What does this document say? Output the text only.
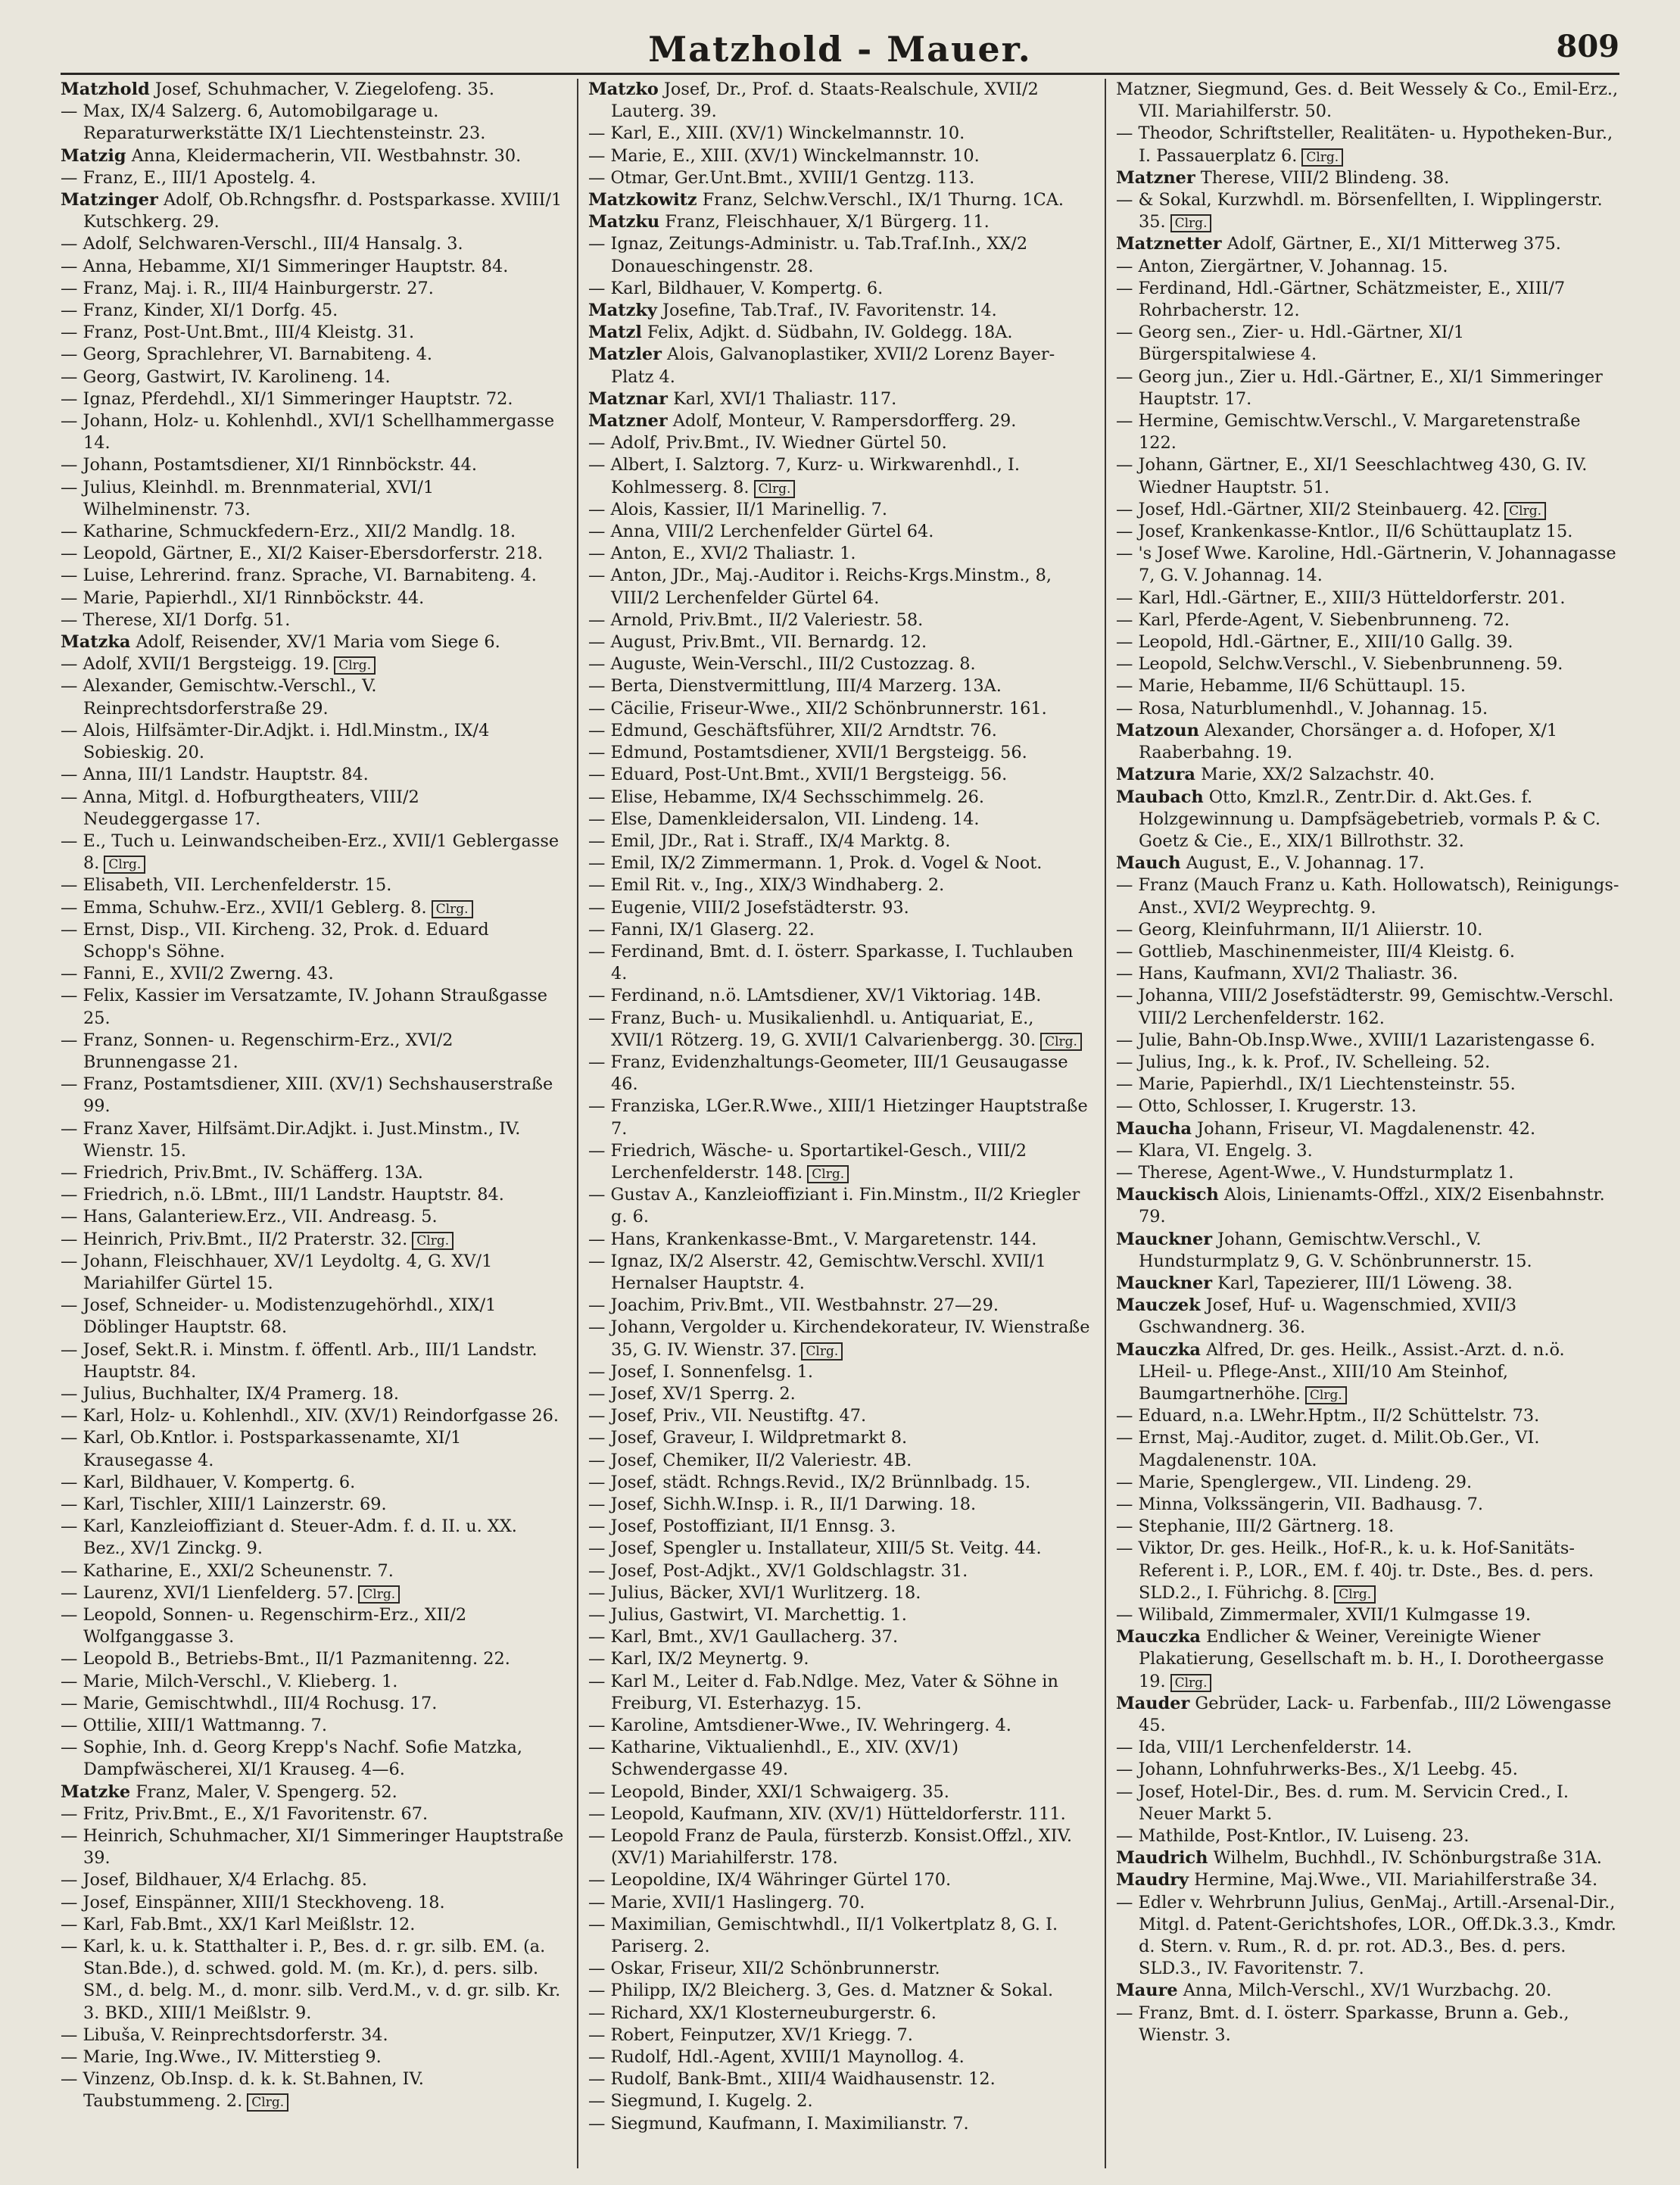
Matzhold - Mauer.	809

Matzhold Josef, Schuhmacher, V. Ziegelofeng. 35.

— Max, IX/4 Salzerg. 6, Automobilgarage u. Reparaturwerkstätte IX/1 Liechtensteinstr. 23.

Matzig Anna, Kleidermacherin, VII. Westbahnstr. 30.

— Franz, E., III/1 Apostelg. 4.

Matzinger Adolf, Ob.Rchngsfhr. d. Postsparkasse. XVIII/1 Kutschkerg. 29.

— Adolf, Selchwaren-Verschl., III/4 Hansalg. 3.

— Anna, Hebamme, XI/1 Simmeringer Hauptstr. 84.

— Franz, Maj. i. R., III/4 Hainburgerstr. 27.

— Franz, Kinder, XI/1 Dorfg. 45.

— Franz, Post-Unt.Bmt., III/4 Kleistg. 31.

— Georg, Sprachlehrer, VI. Barnabiteng. 4.

— Georg, Gastwirt, IV. Karolineng. 14.

— Ignaz, Pferdehdl., XI/1 Simmeringer Hauptstr. 72.

— Johann, Holz- u. Kohlenhdl., XVI/1 Schellhammergasse 14.

— Johann, Postamtsdiener, XI/1 Rinnböckstr. 44.

— Julius, Kleinhdl. m. Brennmaterial, XVI/1 Wilhelminenstr. 73.

— Katharine, Schmuckfedern-Erz., XII/2 Mandlg. 18.

— Leopold, Gärtner, E., XI/2 Kaiser-Ebersdorferstr. 218.

— Luise, Lehrerind. franz. Sprache, VI. Barnabiteng. 4.

— Marie, Papierhdl., XI/1 Rinnböckstr. 44.

— Therese, XI/1 Dorfg. 51.

Matzka Adolf, Reisender, XV/1 Maria vom Siege 6.

— Adolf, XVII/1 Bergsteigg. 19. Clrg.

— Alexander, Gemischtw.-Verschl., V. Reinprechtsdorferstraße 29.

— Alois, Hilfsämter-Dir.Adjkt. i. Hdl.Minstm., IX/4 Sobieskig. 20.

— Anna, III/1 Landstr. Hauptstr. 84.

— Anna, Mitgl. d. Hofburgtheaters, VIII/2 Neudeggergasse 17.

— E., Tuch u. Leinwandscheiben-Erz., XVII/1 Geblergasse 8. Clrg.

— Elisabeth, VII. Lerchenfelderstr. 15.

— Emma, Schuhw.-Erz., XVII/1 Geblerg. 8. Clrg.

— Ernst, Disp., VII. Kircheng. 32, Prok. d. Eduard Schopp's Söhne.

— Fanni, E., XVII/2 Zwerng. 43.

— Felix, Kassier im Versatzamte, IV. Johann Straußgasse 25.

— Franz, Sonnen- u. Regenschirm-Erz., XVI/2 Brunnengasse 21.

— Franz, Postamtsdiener, XIII. (XV/1) Sechshauserstraße 99.

— Franz Xaver, Hilfsämt.Dir.Adjkt. i. Just.Minstm., IV. Wienstr. 15.

— Friedrich, Priv.Bmt., IV. Schäfferg. 13A.

— Friedrich, n.ö. LBmt., III/1 Landstr. Hauptstr. 84.

— Hans, Galanteriew.Erz., VII. Andreasg. 5.

— Heinrich, Priv.Bmt., II/2 Praterstr. 32. Clrg.

— Johann, Fleischhauer, XV/1 Leydoltg. 4, G. XV/1 Mariahilfer Gürtel 15.

— Josef, Schneider- u. Modistenzugehörhdl., XIX/1 Döblinger Hauptstr. 68.

— Josef, Sekt.R. i. Minstm. f. öffentl. Arb., III/1 Landstr. Hauptstr. 84.

— Julius, Buchhalter, IX/4 Pramerg. 18.

— Karl, Holz- u. Kohlenhdl., XIV. (XV/1) Reindorfgasse 26.

— Karl, Ob.Kntlor. i. Postsparkassenamte, XI/1 Krausegasse 4.

— Karl, Bildhauer, V. Kompertg. 6.

— Karl, Tischler, XIII/1 Lainzerstr. 69.

— Karl, Kanzleioffiziant d. Steuer-Adm. f. d. II. u. XX. Bez., XV/1 Zinckg. 9.

— Katharine, E., XXI/2 Scheunenstr. 7.

— Laurenz, XVI/1 Lienfelderg. 57. Clrg.

— Leopold, Sonnen- u. Regenschirm-Erz., XII/2 Wolfganggasse 3.

— Leopold B., Betriebs-Bmt., II/1 Pazmanitenng. 22.

— Marie, Milch-Verschl., V. Klieberg. 1.

— Marie, Gemischtwhdl., III/4 Rochusg. 17.

— Ottilie, XIII/1 Wattmanng. 7.

— Sophie, Inh. d. Georg Krepp's Nachf. Sofie Matzka, Dampfwäscherei, XI/1 Krauseg. 4—6.

Matzke Franz, Maler, V. Spengerg. 52.

— Fritz, Priv.Bmt., E., X/1 Favoritenstr. 67.

— Heinrich, Schuhmacher, XI/1 Simmeringer Hauptstraße 39.

— Josef, Bildhauer, X/4 Erlachg. 85.

— Josef, Einspänner, XIII/1 Steckhoveng. 18.

— Karl, Fab.Bmt., XX/1 Karl Meißlstr. 12.

— Karl, k. u. k. Statthalter i. P., Bes. d. r. gr. silb. EM. (a. Stan.Bde.), d. schwed. gold. M. (m. Kr.), d. pers. silb. SM., d. belg. M., d. monr. silb. Verd.M., v. d. gr. silb. Kr. 3. BKD., XIII/1 Meißlstr. 9.

— Libuša, V. Reinprechtsdorferstr. 34.

— Marie, Ing.Wwe., IV. Mitterstieg 9.

— Vinzenz, Ob.Insp. d. k. k. St.Bahnen, IV. Taubstummeng. 2. Clrg.

Matzko Josef, Dr., Prof. d. Staats-Realschule, XVII/2 Lauterg. 39.

— Karl, E., XIII. (XV/1) Winckelmannstr. 10.

— Marie, E., XIII. (XV/1) Winckelmannstr. 10.

— Otmar, Ger.Unt.Bmt., XVIII/1 Gentzg. 113.

Matzkowitz Franz, Selchw.Verschl., IX/1 Thurng. 1CA.

Matzku Franz, Fleischhauer, X/1 Bürgerg. 11.

— Ignaz, Zeitungs-Administr. u. Tab.Traf.Inh., XX/2 Donaueschingenstr. 28.

— Karl, Bildhauer, V. Kompertg. 6.

Matzky Josefine, Tab.Traf., IV. Favoritenstr. 14.

Matzl Felix, Adjkt. d. Südbahn, IV. Goldegg. 18A.

Matzler Alois, Galvanoplastiker, XVII/2 Lorenz Bayer-Platz 4.

Matznar Karl, XVI/1 Thaliastr. 117.

Matzner Adolf, Monteur, V. Rampersdorfferg. 29.

— Adolf, Priv.Bmt., IV. Wiedner Gürtel 50.

— Albert, I. Salztorg. 7, Kurz- u. Wirkwarenhdl., I. Kohlmesserg. 8. Clrg.

— Alois, Kassier, II/1 Marinellig. 7.

— Anna, VIII/2 Lerchenfelder Gürtel 64.

— Anton, E., XVI/2 Thaliastr. 1.

— Anton, JDr., Maj.-Auditor i. Reichs-Krgs.Minstm., 8, VIII/2 Lerchenfelder Gürtel 64.

— Arnold, Priv.Bmt., II/2 Valeriestr. 58.

— August, Priv.Bmt., VII. Bernardg. 12.

— Auguste, Wein-Verschl., III/2 Custozzag. 8.

— Berta, Dienstvermittlung, III/4 Marzerg. 13A.

— Cäcilie, Friseur-Wwe., XII/2 Schönbrunnerstr. 161.

— Edmund, Geschäftsführer, XII/2 Arndtstr. 76.

— Edmund, Postamtsdiener, XVII/1 Bergsteigg. 56.

— Eduard, Post-Unt.Bmt., XVII/1 Bergsteigg. 56.

— Elise, Hebamme, IX/4 Sechsschimmelg. 26.

— Else, Damenkleidersalon, VII. Lindeng. 14.

— Emil, JDr., Rat i. Straff., IX/4 Marktg. 8.

— Emil, IX/2 Zimmermann. 1, Prok. d. Vogel & Noot.

— Emil Rit. v., Ing., XIX/3 Windhaberg. 2.

— Eugenie, VIII/2 Josefstädterstr. 93.

— Fanni, IX/1 Glaserg. 22.

— Ferdinand, Bmt. d. I. österr. Sparkasse, I. Tuchlauben 4.

— Ferdinand, n.ö. LAmtsdiener, XV/1 Viktoriag. 14B.

— Franz, Buch- u. Musikalienhdl. u. Antiquariat, E., XVII/1 Rötzerg. 19, G. XVII/1 Calvarienbergg. 30. Clrg.

— Franz, Evidenzhaltungs-Geometer, III/1 Geusaugasse 46.

— Franziska, LGer.R.Wwe., XIII/1 Hietzinger Hauptstraße 7.

— Friedrich, Wäsche- u. Sportartikel-Gesch., VIII/2 Lerchenfelderstr. 148. Clrg.

— Gustav A., Kanzleioffiziant i. Fin.Minstm., II/2 Kriegler g. 6.

— Hans, Krankenkasse-Bmt., V. Margaretenstr. 144.

— Ignaz, IX/2 Alserstr. 42, Gemischtw.Verschl. XVII/1 Hernalser Hauptstr. 4.

— Joachim, Priv.Bmt., VII. Westbahnstr. 27—29.

— Johann, Vergolder u. Kirchendekorateur, IV. Wienstraße 35, G. IV. Wienstr. 37. Clrg.

— Josef, I. Sonnenfelsg. 1.

— Josef, XV/1 Sperrg. 2.

— Josef, Priv., VII. Neustiftg. 47.

— Josef, Graveur, I. Wildpretmarkt 8.

— Josef, Chemiker, II/2 Valeriestr. 4B.

— Josef, städt. Rchngs.Revid., IX/2 Brünnlbadg. 15.

— Josef, Sichh.W.Insp. i. R., II/1 Darwing. 18.

— Josef, Postoffiziant, II/1 Ennsg. 3.

— Josef, Spengler u. Installateur, XIII/5 St. Veitg. 44.

— Josef, Post-Adjkt., XV/1 Goldschlagstr. 31.

— Julius, Bäcker, XVI/1 Wurlitzerg. 18.

— Julius, Gastwirt, VI. Marchettig. 1.

— Karl, Bmt., XV/1 Gaullacherg. 37.

— Karl, IX/2 Meynertg. 9.

— Karl M., Leiter d. Fab.Ndlge. Mez, Vater & Söhne in Freiburg, VI. Esterhazyg. 15.

— Karoline, Amtsdiener-Wwe., IV. Wehringerg. 4.

— Katharine, Viktualienhdl., E., XIV. (XV/1) Schwendergasse 49.

— Leopold, Binder, XXI/1 Schwaigerg. 35.

— Leopold, Kaufmann, XIV. (XV/1) Hütteldorferstr. 111.

— Leopold Franz de Paula, fürsterzb. Konsist.Offzl., XIV. (XV/1) Mariahilferstr. 178.

— Leopoldine, IX/4 Währinger Gürtel 170.

— Marie, XVII/1 Haslingerg. 70.

— Maximilian, Gemischtwhdl., II/1 Volkertplatz 8, G. I. Pariserg. 2.

— Oskar, Friseur, XII/2 Schönbrunnerstr.

— Philipp, IX/2 Bleicherg. 3, Ges. d. Matzner & Sokal.

— Richard, XX/1 Klosterneuburgerstr. 6.

— Robert, Feinputzer, XV/1 Kriegg. 7.

— Rudolf, Hdl.-Agent, XVIII/1 Maynollog. 4.

— Rudolf, Bank-Bmt., XIII/4 Waidhausenstr. 12.

— Siegmund, I. Kugelg. 2.

— Siegmund, Kaufmann, I. Maximilianstr. 7.

Matzner, Siegmund, Ges. d. Beit Wessely & Co., Emil-Erz., VII. Mariahilferstr. 50.

— Theodor, Schriftsteller, Realitäten- u. Hypotheken-Bur., I. Passauerplatz 6. Clrg.

Matzner Therese, VIII/2 Blindeng. 38.

— & Sokal, Kurzwhdl. m. Börsenfellten, I. Wipplingerstr. 35. Clrg.

Matznetter Adolf, Gärtner, E., XI/1 Mitterweg 375.

— Anton, Ziergärtner, V. Johannag. 15.

— Ferdinand, Hdl.-Gärtner, Schätzmeister, E., XIII/7 Rohrbacherstr. 12.

— Georg sen., Zier- u. Hdl.-Gärtner, XI/1 Bürgerspitalwiese 4.

— Georg jun., Zier u. Hdl.-Gärtner, E., XI/1 Simmeringer Hauptstr. 17.

— Hermine, Gemischtw.Verschl., V. Margaretenstraße 122.

— Johann, Gärtner, E., XI/1 Seeschlachtweg 430, G. IV. Wiedner Hauptstr. 51.

— Josef, Hdl.-Gärtner, XII/2 Steinbauerg. 42. Clrg.

— Josef, Krankenkasse-Kntlor., II/6 Schüttauplatz 15.

— 's Josef Wwe. Karoline, Hdl.-Gärtnerin, V. Johannagasse 7, G. V. Johannag. 14.

— Karl, Hdl.-Gärtner, E., XIII/3 Hütteldorferstr. 201.

— Karl, Pferde-Agent, V. Siebenbrunneng. 72.

— Leopold, Hdl.-Gärtner, E., XIII/10 Gallg. 39.

— Leopold, Selchw.Verschl., V. Siebenbrunneng. 59.

— Marie, Hebamme, II/6 Schüttaupl. 15.

— Rosa, Naturblumenhdl., V. Johannag. 15.

Matzoun Alexander, Chorsänger a. d. Hofoper, X/1 Raaberbahng. 19.

Matzura Marie, XX/2 Salzachstr. 40.

Maubach Otto, Kmzl.R., Zentr.Dir. d. Akt.Ges. f. Holzgewinnung u. Dampfsägebetrieb, vormals P. & C. Goetz & Cie., E., XIX/1 Billrothstr. 32.

Mauch August, E., V. Johannag. 17.

— Franz (Mauch Franz u. Kath. Hollowatsch), Reinigungs-Anst., XVI/2 Weyprechtg. 9.

— Georg, Kleinfuhrmann, II/1 Aliierstr. 10.

— Gottlieb, Maschinenmeister, III/4 Kleistg. 6.

— Hans, Kaufmann, XVI/2 Thaliastr. 36.

— Johanna, VIII/2 Josefstädterstr. 99, Gemischtw.-Verschl. VIII/2 Lerchenfelderstr. 162.

— Julie, Bahn-Ob.Insp.Wwe., XVIII/1 Lazaristengasse 6.

— Julius, Ing., k. k. Prof., IV. Schelleing. 52.

— Marie, Papierhdl., IX/1 Liechtensteinstr. 55.

— Otto, Schlosser, I. Krugerstr. 13.

Maucha Johann, Friseur, VI. Magdalenenstr. 42.

— Klara, VI. Engelg. 3.

— Therese, Agent-Wwe., V. Hundsturmplatz 1.

Mauckisch Alois, Linienamts-Offzl., XIX/2 Eisenbahnstr. 79.

Mauckner Johann, Gemischtw.Verschl., V. Hundsturmplatz 9, G. V. Schönbrunnerstr. 15.

Mauckner Karl, Tapezierer, III/1 Löweng. 38.

Mauczek Josef, Huf- u. Wagenschmied, XVII/3 Gschwandnerg. 36.

Mauczka Alfred, Dr. ges. Heilk., Assist.-Arzt. d. n.ö. LHeil- u. Pflege-Anst., XIII/10 Am Steinhof, Baumgartnerhöhe. Clrg.

— Eduard, n.a. LWehr.Hptm., II/2 Schüttelstr. 73.

— Ernst, Maj.-Auditor, zuget. d. Milit.Ob.Ger., VI. Magdalenenstr. 10A.

— Marie, Spenglergew., VII. Lindeng. 29.

— Minna, Volkssängerin, VII. Badhausg. 7.

— Stephanie, III/2 Gärtnerg. 18.

— Viktor, Dr. ges. Heilk., Hof-R., k. u. k. Hof-Sanitäts-Referent i. P., LOR., EM. f. 40j. tr. Dste., Bes. d. pers. SLD.2., I. Führichg. 8. Clrg.

— Wilibald, Zimmermaler, XVII/1 Kulmgasse 19.

Mauczka Endlicher & Weiner, Vereinigte Wiener Plakatierung, Gesellschaft m. b. H., I. Dorotheergasse 19. Clrg.

Mauder Gebrüder, Lack- u. Farbenfab., III/2 Löwengasse 45.

— Ida, VIII/1 Lerchenfelderstr. 14.

— Johann, Lohnfuhrwerks-Bes., X/1 Leebg. 45.

— Josef, Hotel-Dir., Bes. d. rum. M. Servicin Cred., I. Neuer Markt 5.

— Mathilde, Post-Kntlor., IV. Luiseng. 23.

Maudrich Wilhelm, Buchhdl., IV. Schönburgstraße 31A.

Maudry Hermine, Maj.Wwe., VII. Mariahilferstraße 34.

— Edler v. Wehrbrunn Julius, GenMaj., Artill.-Arsenal-Dir., Mitgl. d. Patent-Gerichtshofes, LOR., Off.Dk.3.3., Kmdr. d. Stern. v. Rum., R. d. pr. rot. AD.3., Bes. d. pers. SLD.3., IV. Favoritenstr. 7.

Maure Anna, Milch-Verschl., XV/1 Wurzbachg. 20.

— Franz, Bmt. d. I. österr. Sparkasse, Brunn a. Geb., Wienstr. 3.
